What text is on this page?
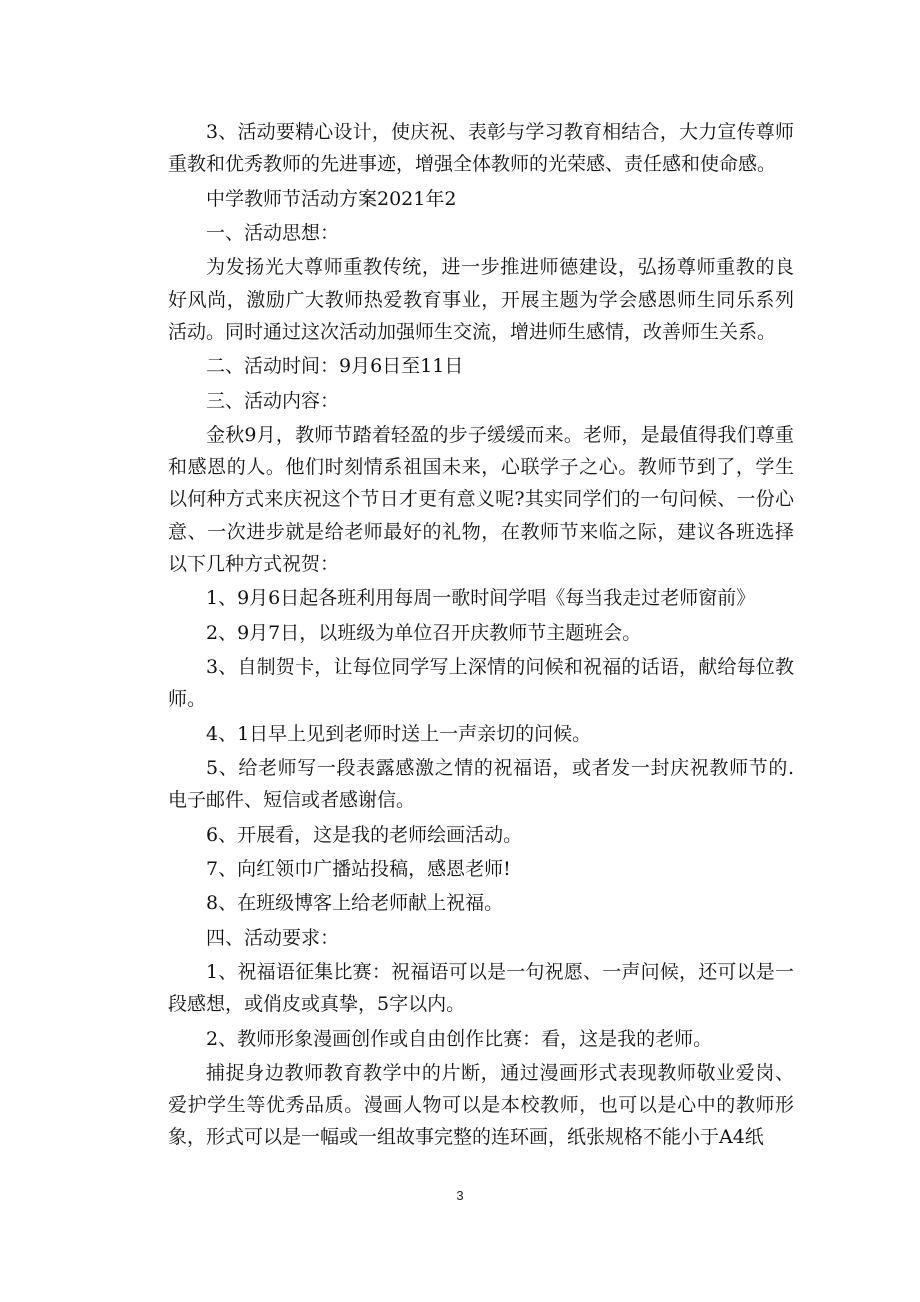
3、活动要精心设计，使庆祝、表彰与学习教育相结合，大力宣传尊师重教和优秀教师的先进事迹，增强全体教师的光荣感、责任感和使命感。

中学教师节活动方案2021年2

一、活动思想：

为发扬光大尊师重教传统，进一步推进师德建设，弘扬尊师重教的良好风尚，激励广大教师热爱教育事业，开展主题为学会感恩师生同乐系列活动。同时通过这次活动加强师生交流，增进师生感情，改善师生关系。

二、活动时间：9月6日至11日

三、活动内容：

金秋9月，教师节踏着轻盈的步子缓缓而来。老师，是最值得我们尊重和感恩的人。他们时刻情系祖国未来，心联学子之心。教师节到了，学生以何种方式来庆祝这个节日才更有意义呢?其实同学们的一句问候、一份心意、一次进步就是给老师最好的礼物，在教师节来临之际，建议各班选择以下几种方式祝贺：

1、9月6日起各班利用每周一歌时间学唱《每当我走过老师窗前》

2、9月7日，以班级为单位召开庆教师节主题班会。

3、自制贺卡，让每位同学写上深情的问候和祝福的话语，献给每位教师。

4、1日早上见到老师时送上一声亲切的问候。

5、给老师写一段表露感激之情的祝福语，或者发一封庆祝教师节的.电子邮件、短信或者感谢信。

6、开展看，这是我的老师绘画活动。

7、向红领巾广播站投稿，感恩老师!

8、在班级博客上给老师献上祝福。

四、活动要求：

1、祝福语征集比赛：祝福语可以是一句祝愿、一声问候，还可以是一段感想，或俏皮或真挚，5字以内。

2、教师形象漫画创作或自由创作比赛：看，这是我的老师。

捕捉身边教师教育教学中的片断，通过漫画形式表现教师敬业爱岗、爱护学生等优秀品质。漫画人物可以是本校教师，也可以是心中的教师形象，形式可以是一幅或一组故事完整的连环画，纸张规格不能小于A4纸

3
